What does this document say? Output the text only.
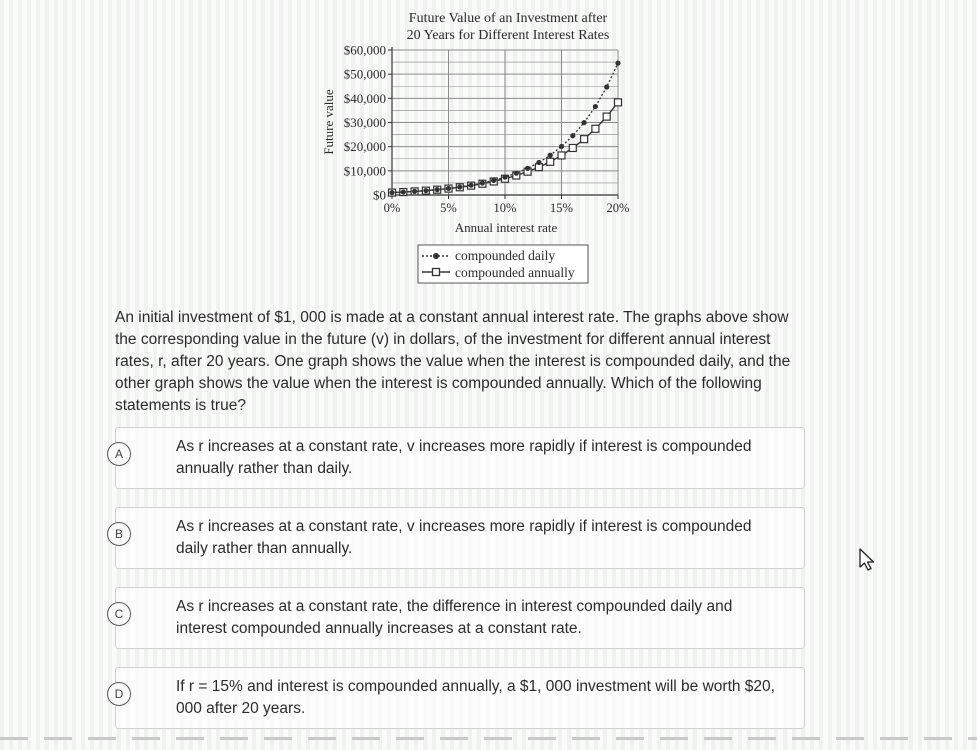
Future Value of an Investment after
20 Years for Different Interest Rates
$0
$10,000
$20,000
$30,000
$40,000
$50,000
$60,000
0%	5%	10%	15%	20%
Future value
Annual interest rate
compounded daily
compounded annually
An initial investment of $1, 000 is made at a constant annual interest rate. The graphs above show the corresponding value in the future (v) in dollars, of the investment for different annual interest rates, r, after 20 years. One graph shows the value when the interest is compounded daily, and the other graph shows the value when the interest is compounded annually. Which of the following statements is true?
A	As r increases at a constant rate, v increases more rapidly if interest is compounded annually rather than daily.
B	As r increases at a constant rate, v increases more rapidly if interest is compounded daily rather than annually.
C	As r increases at a constant rate, the difference in interest compounded daily and interest compounded annually increases at a constant rate.
D	If r = 15% and interest is compounded annually, a $1, 000 investment will be worth $20, 000 after 20 years.
